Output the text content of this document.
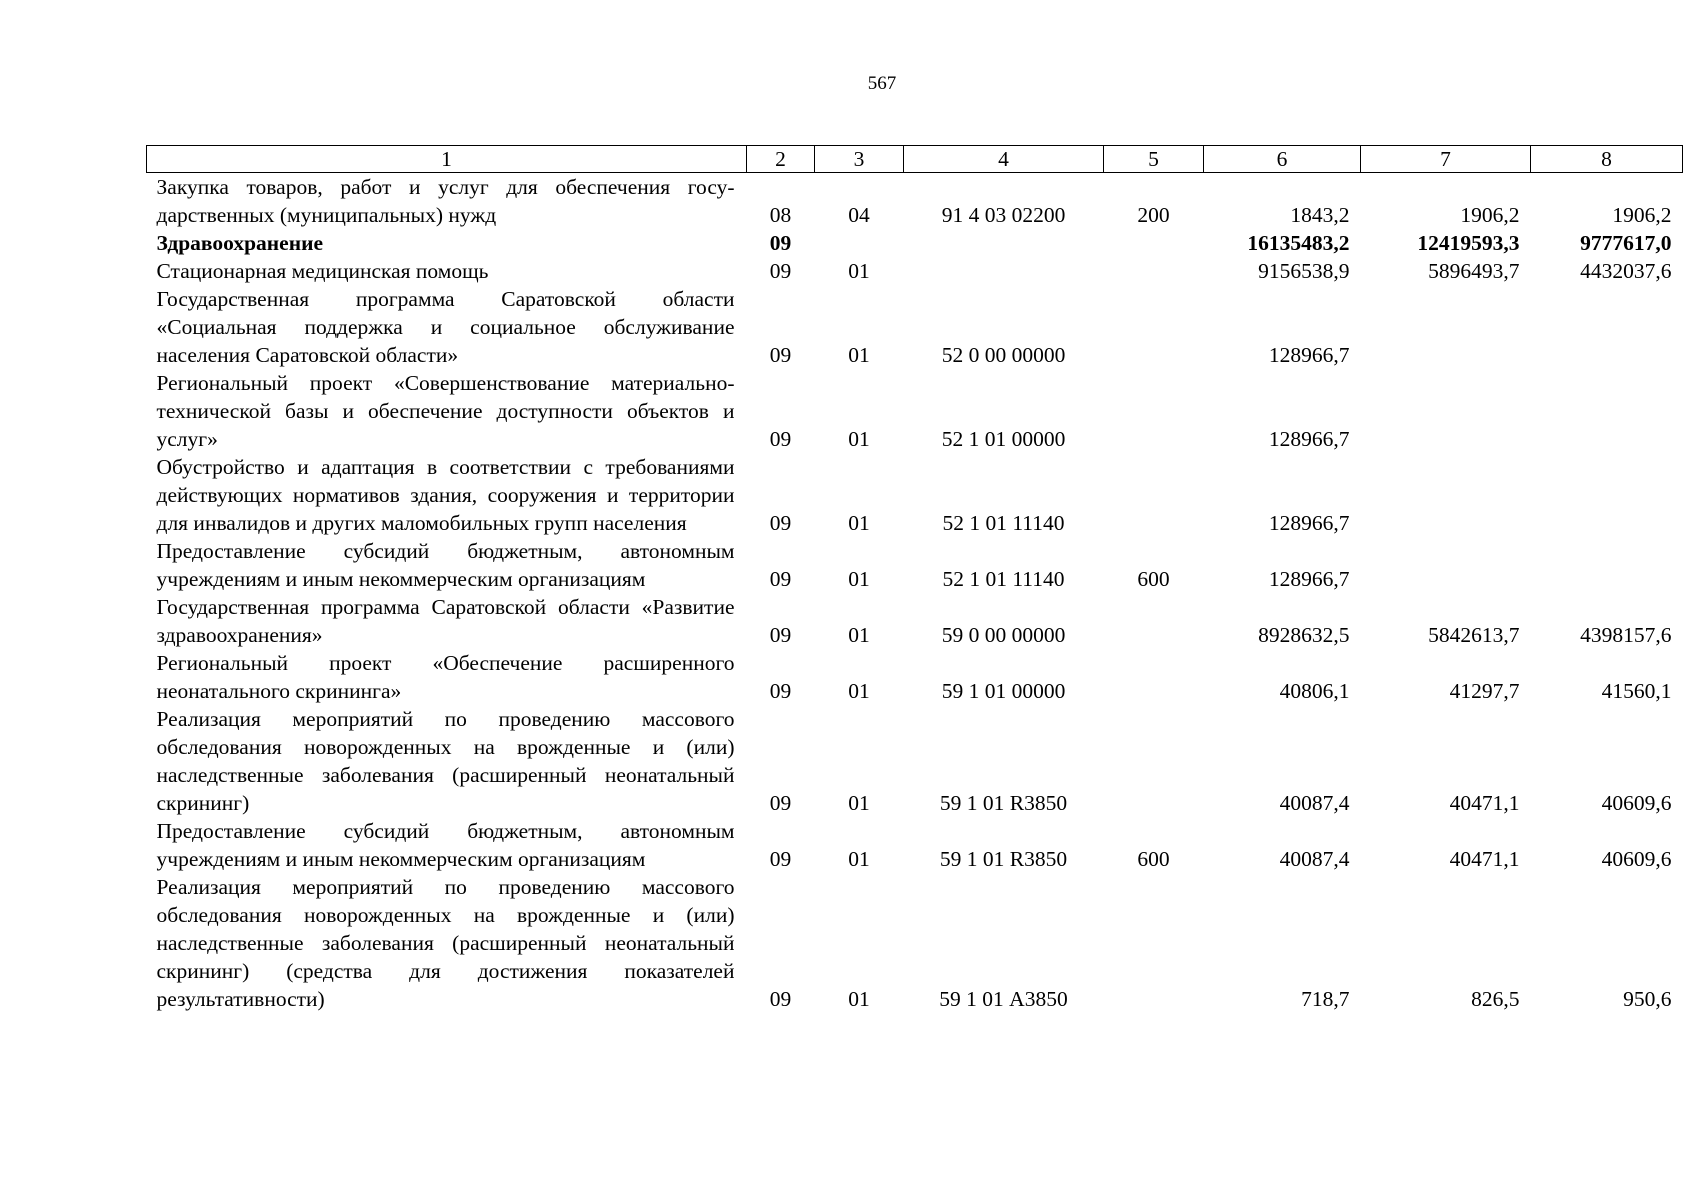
567
1	2	3	4	5	6	7	8
Закупка товаров, работ и услуг для обеспечения государственных (муниципальных) нужд	08	04	91 4 03 02200	200	1843,2	1906,2	1906,2
Здравоохранение	09				16135483,2	12419593,3	9777617,0
Стационарная медицинская помощь	09	01			9156538,9	5896493,7	4432037,6
Государственная программа Саратовской области «Социальная поддержка и социальное обслуживание населения Саратовской области»	09	01	52 0 00 00000		128966,7		
Региональный проект «Совершенствование материально-технической базы и обеспечение доступности объектов и услуг»	09	01	52 1 01 00000		128966,7		
Обустройство и адаптация в соответствии с требованиями действующих нормативов здания, сооружения и территории для инвалидов и других маломобильных групп населения	09	01	52 1 01 11140		128966,7		
Предоставление субсидий бюджетным, автономным учреждениям и иным некоммерческим организациям	09	01	52 1 01 11140	600	128966,7		
Государственная программа Саратовской области «Развитие здравоохранения»	09	01	59 0 00 00000		8928632,5	5842613,7	4398157,6
Региональный проект «Обеспечение расширенного неонатального скрининга»	09	01	59 1 01 00000		40806,1	41297,7	41560,1
Реализация мероприятий по проведению массового обследования новорожденных на врожденные и (или) наследственные заболевания (расширенный неонатальный скрининг)	09	01	59 1 01 R3850		40087,4	40471,1	40609,6
Предоставление субсидий бюджетным, автономным учреждениям и иным некоммерческим организациям	09	01	59 1 01 R3850	600	40087,4	40471,1	40609,6
Реализация мероприятий по проведению массового обследования новорожденных на врожденные и (или) наследственные заболевания (расширенный неонатальный скрининг) (средства для достижения показателей результативности)	09	01	59 1 01 А3850		718,7	826,5	950,6
